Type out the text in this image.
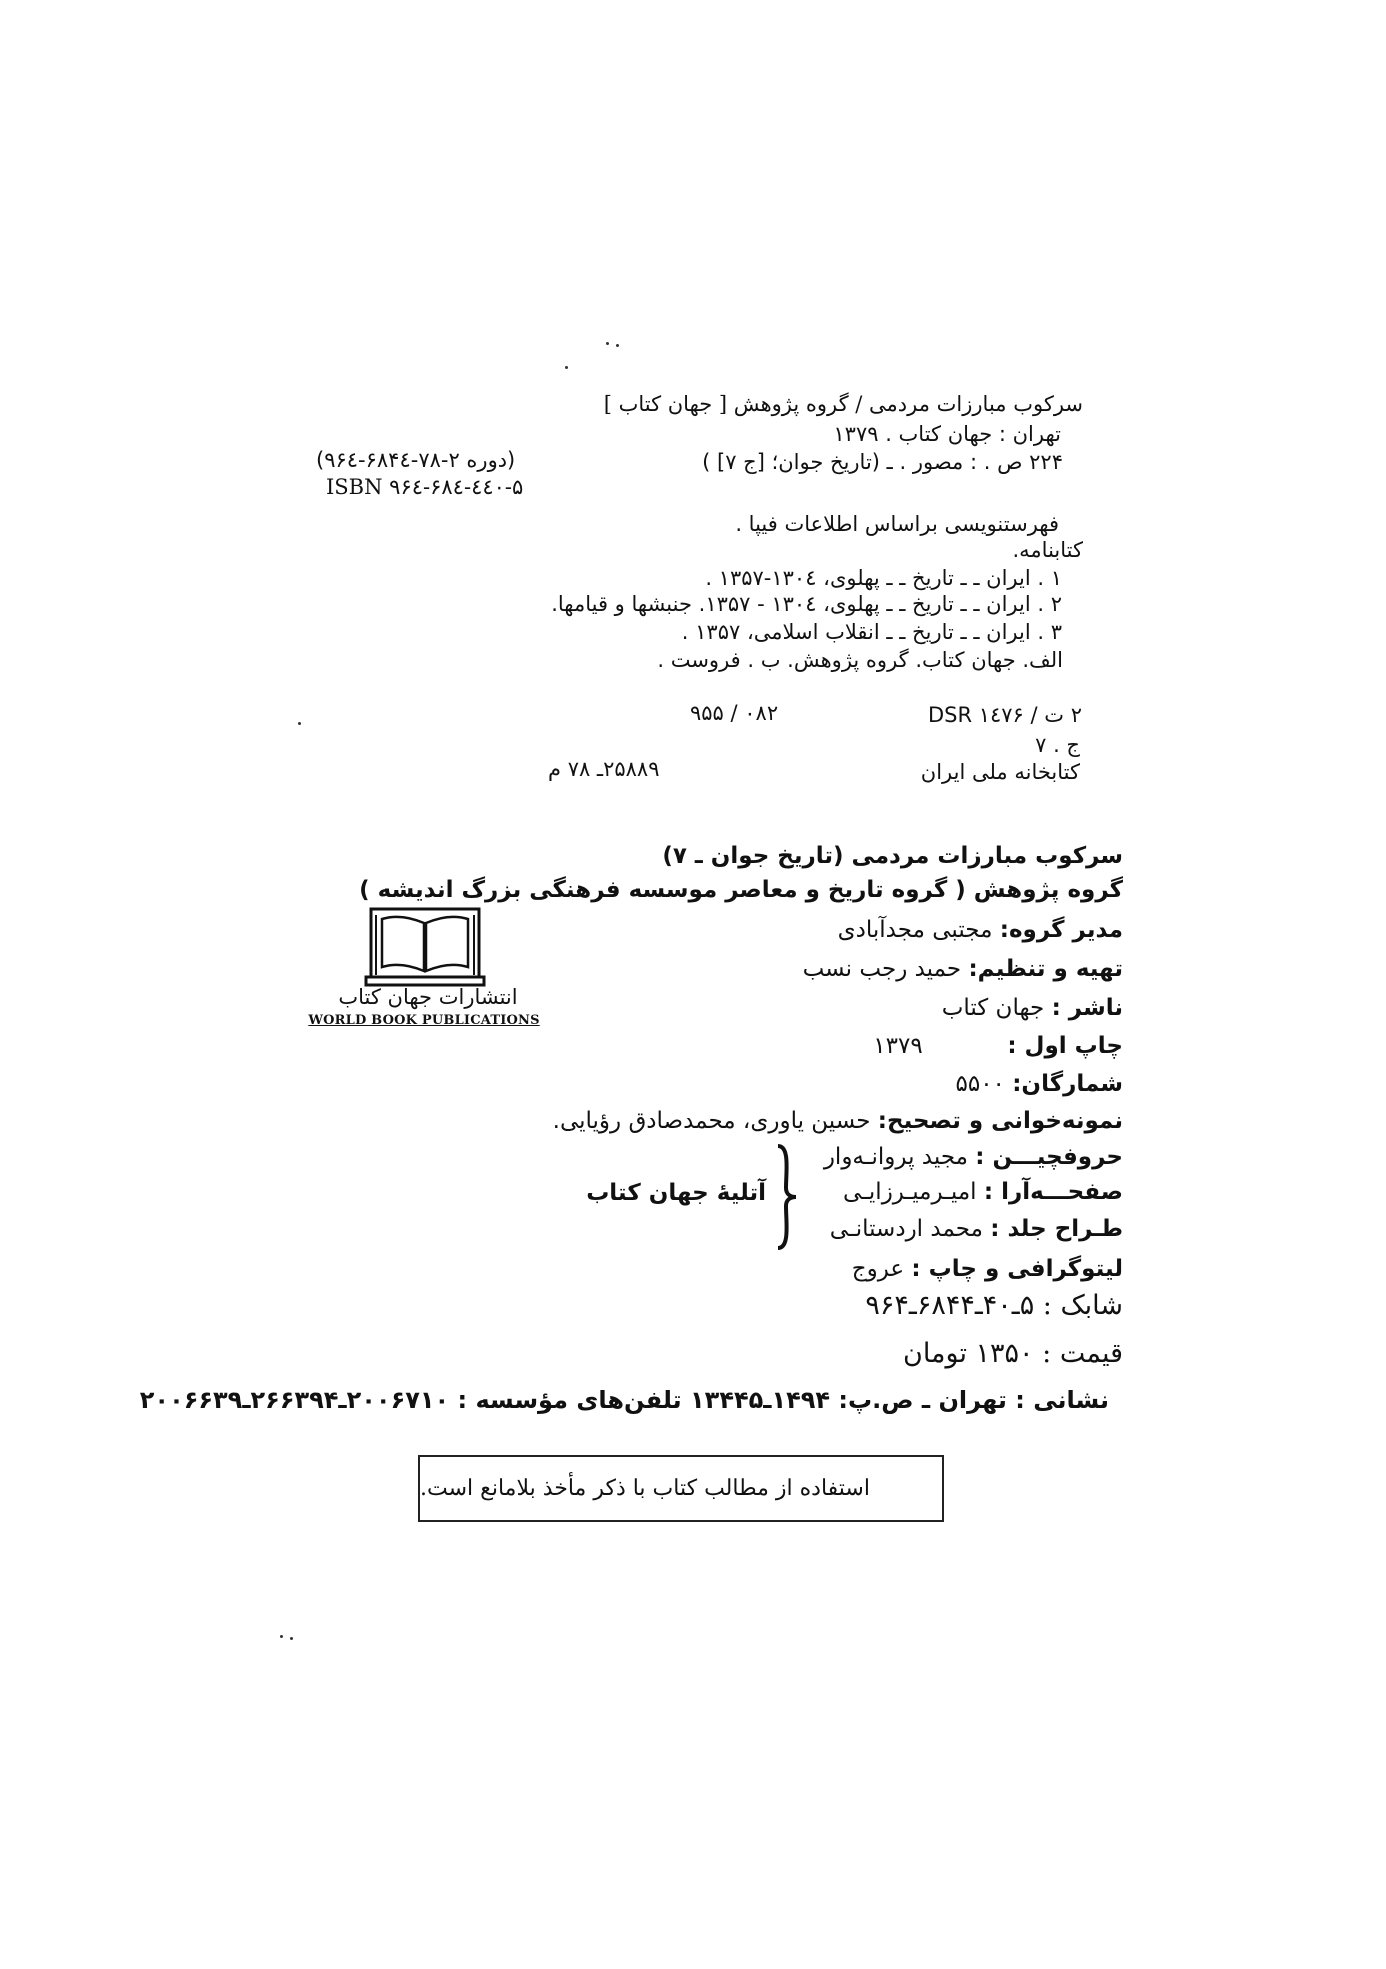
سرکوب مبارزات مردمی / گروه پژوهش [ جهان کتاب ]
تهران : جهان کتاب . ۱۳۷۹
۲۲۴ ص . : مصور . ـ (تاریخ جوان؛ [ج ۷] )
(دوره ۲-۷۸-۶۸۴٤-۹۶٤)
ISBN ۹۶٤-۶۸٤٤-٤۰-۵
فهرستنویسی براساس اطلاعات فیپا .
کتابنامه.
۱ . ایران ـ ـ تاریخ ـ ـ پهلوی، ۱۳۰٤-۱۳۵۷ .
۲ . ایران ـ ـ تاریخ ـ ـ پهلوی، ۱۳۰٤ - ۱۳۵۷. جنبشها و قیامها.
۳ . ایران ـ ـ تاریخ ـ ـ انقلاب اسلامی، ۱۳۵۷ .
الف. جهان کتاب. گروه پژوهش. ب . فروست .
۲ ت / DSR ۱٤۷۶
۹۵۵ / ۰۸۲
ج . ۷
کتابخانه ملی ایران
۲۵۸۸۹ـ ۷۸ م
سرکوب مبارزات مردمی (تاریخ جوان ـ ۷)
گروه پژوهش ( گروه تاریخ و معاصر موسسه فرهنگی بزرگ اندیشه )
مدیر گروه: مجتبی مجدآبادی
تهیه و تنظیم: حمید رجب نسب
ناشر : جهان کتاب
چاپ اول :  ۱۳۷۹
شمارگان: ۵۵۰۰
نمونه‌خوانی و تصحیح: حسین یاوری، محمدصادق رؤیایی.
حروفچیـــن : مجید پروانـه‌وار
صفحـــه‌آرا : امیـرمیـرزایـی
طـراح جلد : محمد اردستانـی
آتلیهٔ جهان کتاب
لیتوگرافی و چاپ : عروج
شابک : ۵ـ۴۰ـ۶۸۴۴ـ۹۶۴
قیمت : ۱۳۵۰ تومان
نشانی : تهران ـ ص.پ: ۱۴۹۴ـ۱۳۴۴۵ تلفن‌های مؤسسه : ۲۰۰۶۷۱۰ـ۲۶۶۳۹۴ـ۲۰۰۶۶۳۹
انتشارات جهان کتاب
WORLD BOOK PUBLICATIONS
استفاده از مطالب کتاب با ذکر مأخذ بلامانع است.
